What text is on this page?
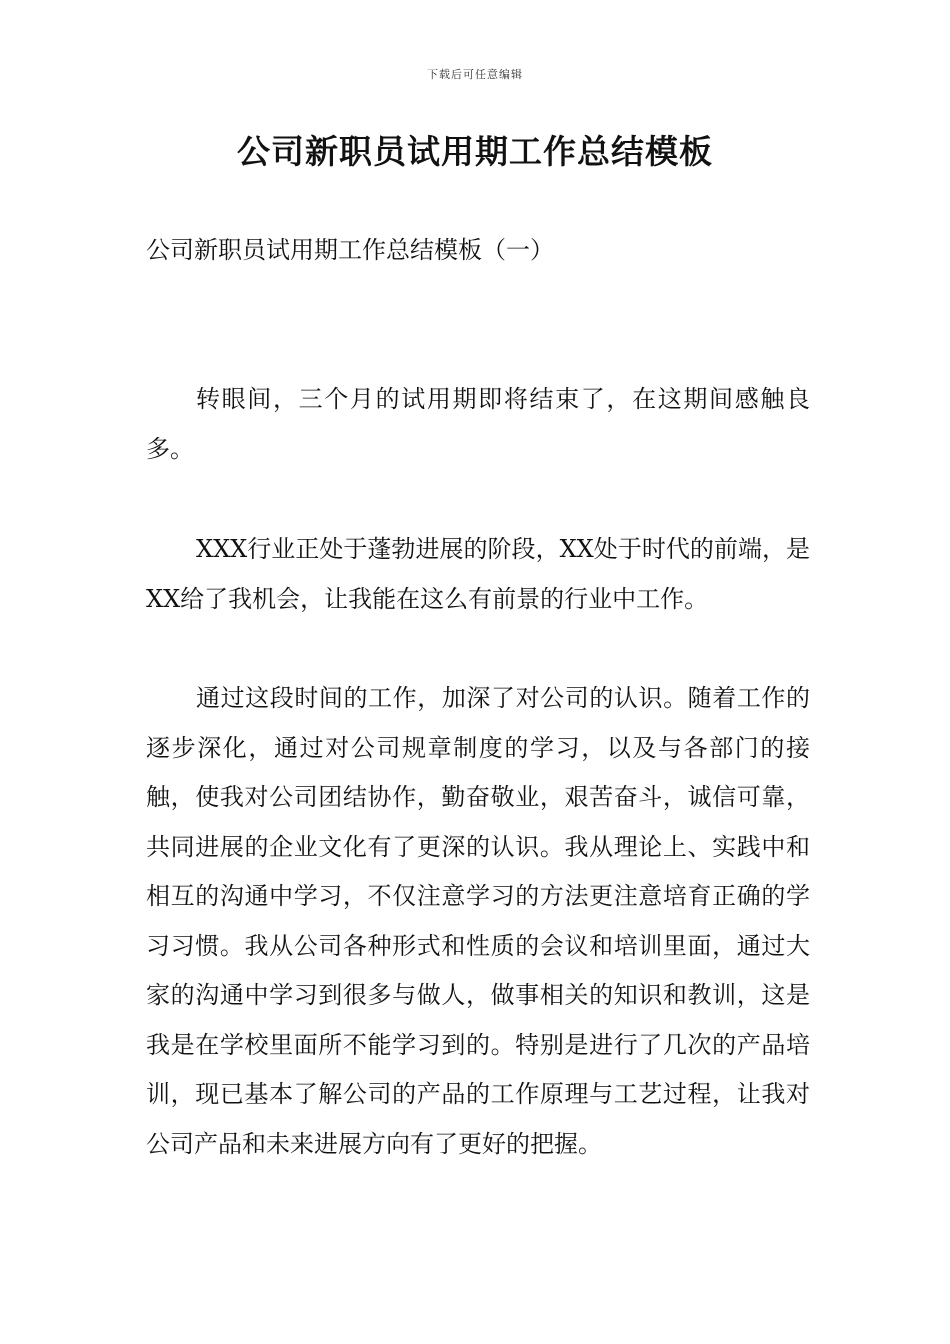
下载后可任意编辑
公司新职员试用期工作总结模板

公司新职员试用期工作总结模板（一）

转眼间，三个月的试用期即将结束了，在这期间感触良多。

XXX行业正处于蓬勃进展的阶段，XX处于时代的前端，是XX给了我机会，让我能在这么有前景的行业中工作。

通过这段时间的工作，加深了对公司的认识。随着工作的逐步深化，通过对公司规章制度的学习，以及与各部门的接触，使我对公司团结协作，勤奋敬业，艰苦奋斗，诚信可靠，共同进展的企业文化有了更深的认识。我从理论上、实践中和相互的沟通中学习，不仅注意学习的方法更注意培育正确的学习习惯。我从公司各种形式和性质的会议和培训里面，通过大家的沟通中学习到很多与做人，做事相关的知识和教训，这是我是在学校里面所不能学习到的。特别是进行了几次的产品培训，现已基本了解公司的产品的工作原理与工艺过程，让我对公司产品和未来进展方向有了更好的把握。
